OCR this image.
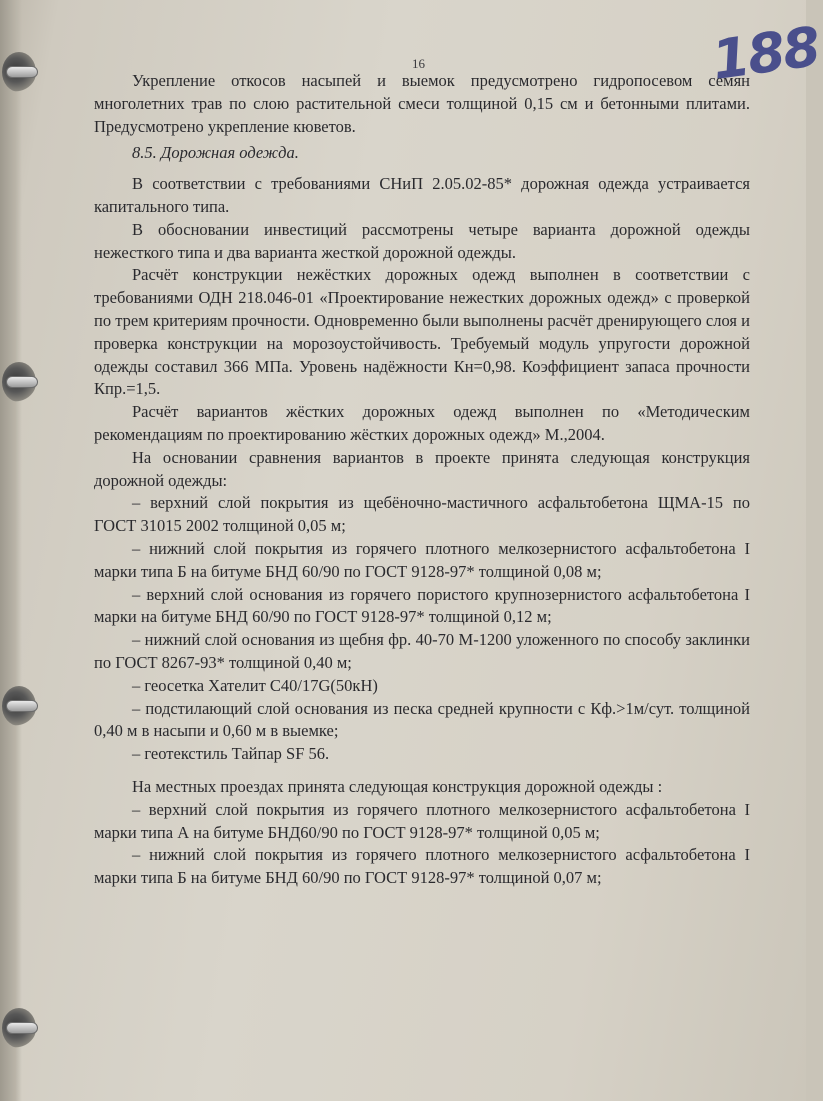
16	188

Укрепление откосов насыпей и выемок предусмотрено гидропосевом семян многолетних трав по слою растительной смеси толщиной 0,15 см и бетонными плитами. Предусмотрено укрепление кюветов.

8.5. Дорожная одежда.

В соответствии с требованиями СНиП 2.05.02-85* дорожная одежда устраивается капитального типа.

В обосновании инвестиций рассмотрены четыре варианта дорожной одежды нежесткого типа и два варианта жесткой дорожной одежды.

Расчёт конструкции нежёстких дорожных одежд выполнен в соответствии с требованиями ОДН 218.046-01 «Проектирование нежестких дорожных одежд» с проверкой по трем критериям прочности. Одновременно были выполнены расчёт дренирующего слоя и проверка конструкции на морозоустойчивость. Требуемый модуль упругости дорожной одежды составил 366 МПа. Уровень надёжности Кн=0,98. Коэффициент запаса прочности Кпр.=1,5.

Расчёт вариантов жёстких дорожных одежд выполнен по «Методическим рекомендациям по проектированию жёстких дорожных одежд» М.,2004.

На основании сравнения вариантов в проекте принята следующая конструкция дорожной одежды:

– верхний слой покрытия из щебёночно-мастичного асфальтобетона ЩМА-15 по ГОСТ 31015 2002 толщиной 0,05 м;

– нижний слой покрытия из горячего плотного мелкозернистого асфальтобетона I марки типа Б на битуме БНД 60/90 по ГОСТ 9128-97* толщиной 0,08 м;

– верхний слой основания из горячего пористого крупнозернистого асфальтобетона I марки на битуме БНД 60/90 по ГОСТ 9128-97* толщиной 0,12 м;

– нижний слой основания из щебня фр. 40-70 М-1200 уложенного по способу заклинки по ГОСТ 8267-93* толщиной 0,40 м;

– геосетка Хателит С40/17G(50кН)

– подстилающий слой основания из песка средней крупности с Кф.>1м/сут. толщиной 0,40 м в насыпи и 0,60 м в выемке;

– геотекстиль Тайпар SF 56.

На местных проездах принята следующая конструкция дорожной одежды :

– верхний слой покрытия из горячего плотного мелкозернистого асфальтобетона I марки типа А на битуме БНД60/90 по ГОСТ 9128-97* толщиной 0,05 м;

– нижний слой покрытия из горячего плотного мелкозернистого асфальтобетона I марки типа Б на битуме БНД 60/90 по ГОСТ 9128-97* толщиной 0,07 м;
